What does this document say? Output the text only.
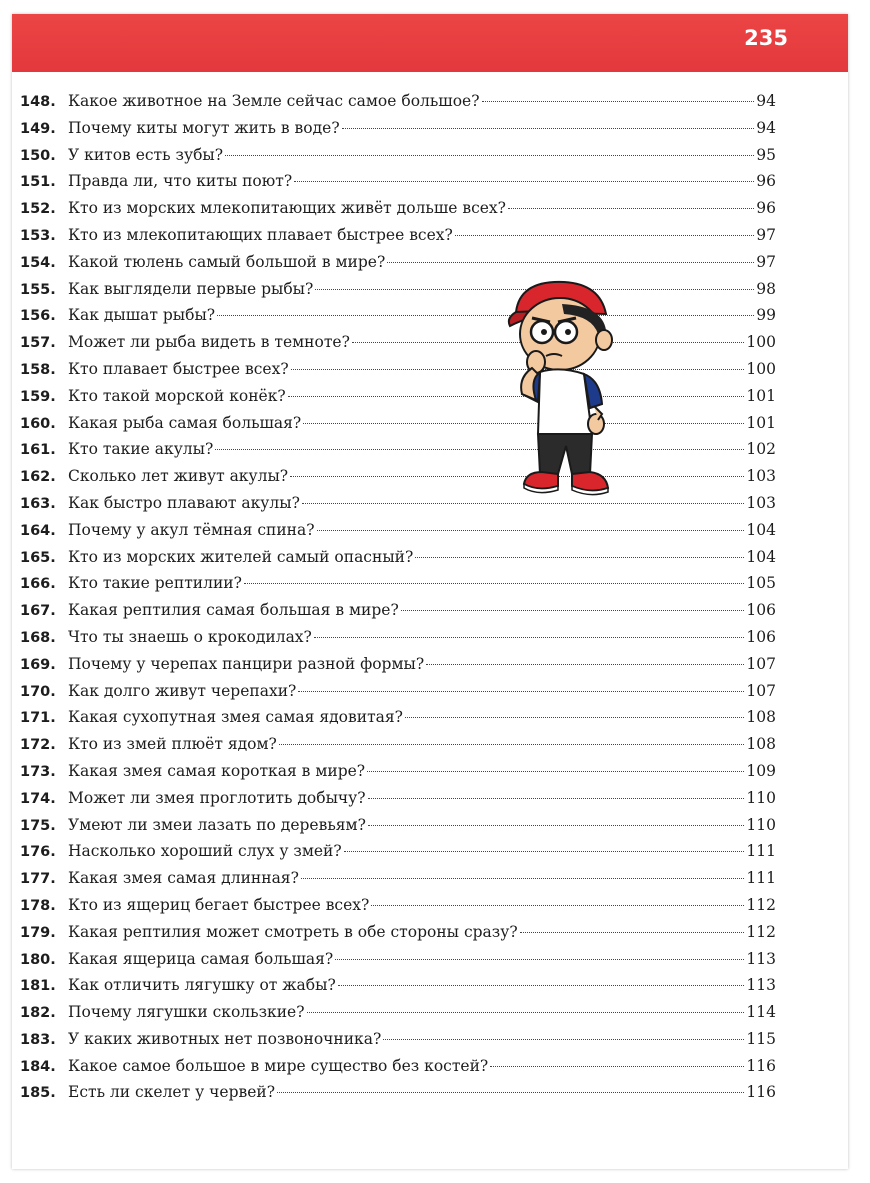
235
148. Какое животное на Земле сейчас самое большое?	94
149. Почему киты могут жить в воде?	94
150. У китов есть зубы?	95
151. Правда ли, что киты поют?	96
152. Кто из морских млекопитающих живёт дольше всех?	96
153. Кто из млекопитающих плавает быстрее всех?	97
154. Какой тюлень самый большой в мире?	97
155. Как выглядели первые рыбы?	98
156. Как дышат рыбы?	99
157. Может ли рыба видеть в темноте?	100
158. Кто плавает быстрее всех?	100
159. Кто такой морской конёк?	101
160. Какая рыба самая большая?	101
161. Кто такие акулы?	102
162. Сколько лет живут акулы?	103
163. Как быстро плавают акулы?	103
164. Почему у акул тёмная спина?	104
165. Кто из морских жителей самый опасный?	104
166. Кто такие рептилии?	105
167. Какая рептилия самая большая в мире?	106
168. Что ты знаешь о крокодилах?	106
169. Почему у черепах панцири разной формы?	107
170. Как долго живут черепахи?	107
171. Какая сухопутная змея самая ядовитая?	108
172. Кто из змей плюёт ядом?	108
173. Какая змея самая короткая в мире?	109
174. Может ли змея проглотить добычу?	110
175. Умеют ли змеи лазать по деревьям?	110
176. Насколько хороший слух у змей?	111
177. Какая змея самая длинная?	111
178. Кто из ящериц бегает быстрее всех?	112
179. Какая рептилия может смотреть в обе стороны сразу?	112
180. Какая ящерица самая большая?	113
181. Как отличить лягушку от жабы?	113
182. Почему лягушки скользкие?	114
183. У каких животных нет позвоночника?	115
184. Какое самое большое в мире существо без костей?	116
185. Есть ли скелет у червей?	116
